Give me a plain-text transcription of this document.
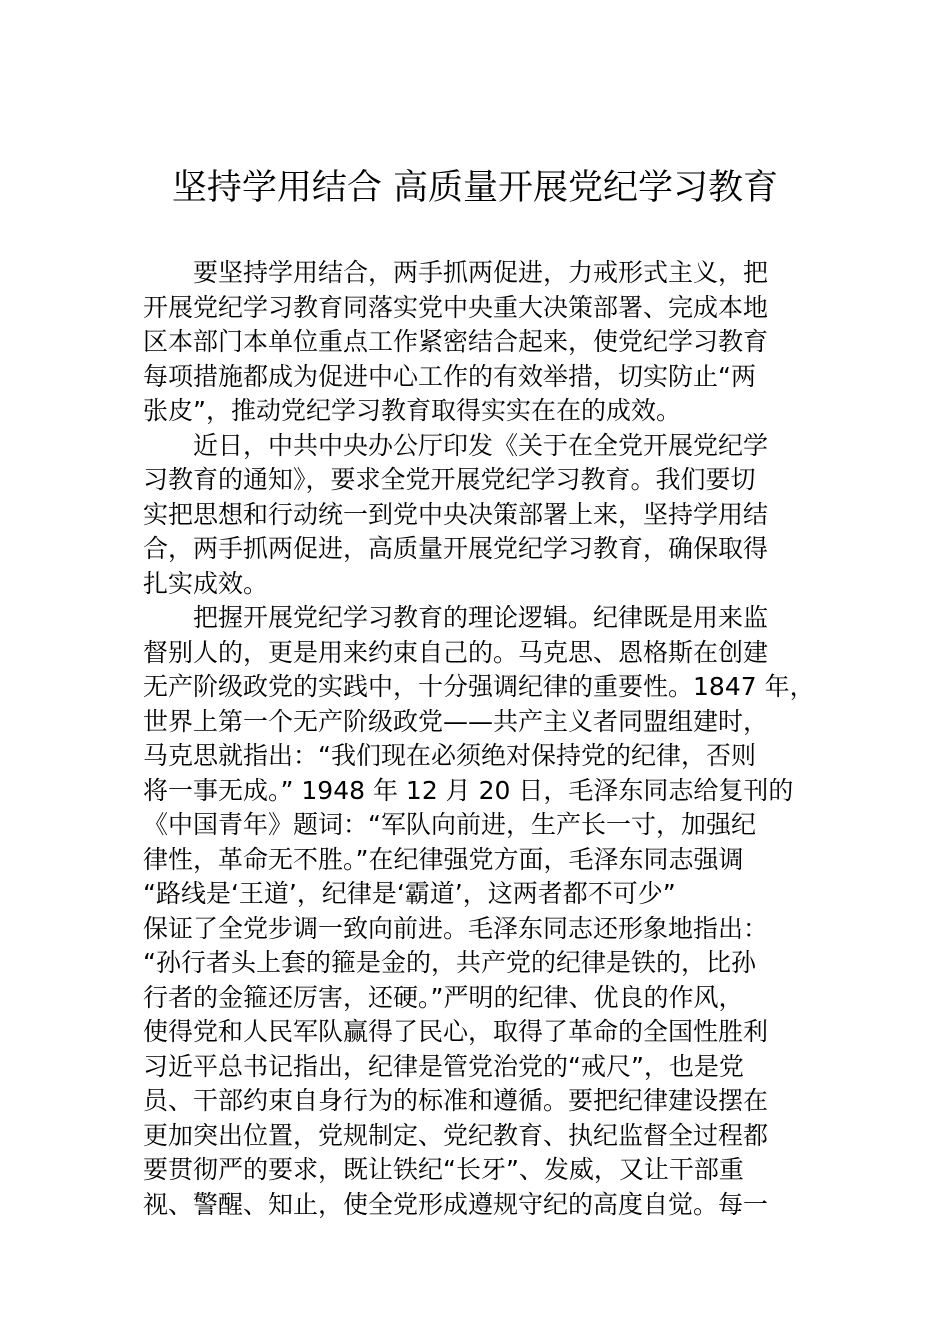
坚持学用结合 高质量开展党纪学习教育
要坚持学用结合，两手抓两促进，力戒形式主义，把
开展党纪学习教育同落实党中央重大决策部署、完成本地
区本部门本单位重点工作紧密结合起来，使党纪学习教育
每项措施都成为促进中心工作的有效举措，切实防止“两
张皮”，推动党纪学习教育取得实实在在的成效。
近日，中共中央办公厅印发《关于在全党开展党纪学
习教育的通知》，要求全党开展党纪学习教育。我们要切
实把思想和行动统一到党中央决策部署上来，坚持学用结
合，两手抓两促进，高质量开展党纪学习教育，确保取得
扎实成效。
把握开展党纪学习教育的理论逻辑。纪律既是用来监
督别人的，更是用来约束自己的。马克思、恩格斯在创建
无产阶级政党的实践中，十分强调纪律的重要性。1847 年，
世界上第一个无产阶级政党——共产主义者同盟组建时，
马克思就指出：“我们现在必须绝对保持党的纪律，否则
将一事无成。” 1948 年 12 月 20 日，毛泽东同志给复刊的
《中国青年》题词：“军队向前进，生产长一寸，加强纪
律性，革命无不胜。”在纪律强党方面，毛泽东同志强调
“路线是‘王道’，纪律是‘霸道’，这两者都不可少”
保证了全党步调一致向前进。毛泽东同志还形象地指出：
“孙行者头上套的箍是金的，共产党的纪律是铁的，比孙
行者的金箍还厉害，还硬。”严明的纪律、优良的作风，
使得党和人民军队赢得了民心，取得了革命的全国性胜利
习近平总书记指出，纪律是管党治党的“戒尺”，也是党
员、干部约束自身行为的标准和遵循。要把纪律建设摆在
更加突出位置，党规制定、党纪教育、执纪监督全过程都
要贯彻严的要求，既让铁纪“长牙”、发威，又让干部重
视、警醒、知止，使全党形成遵规守纪的高度自觉。每一
